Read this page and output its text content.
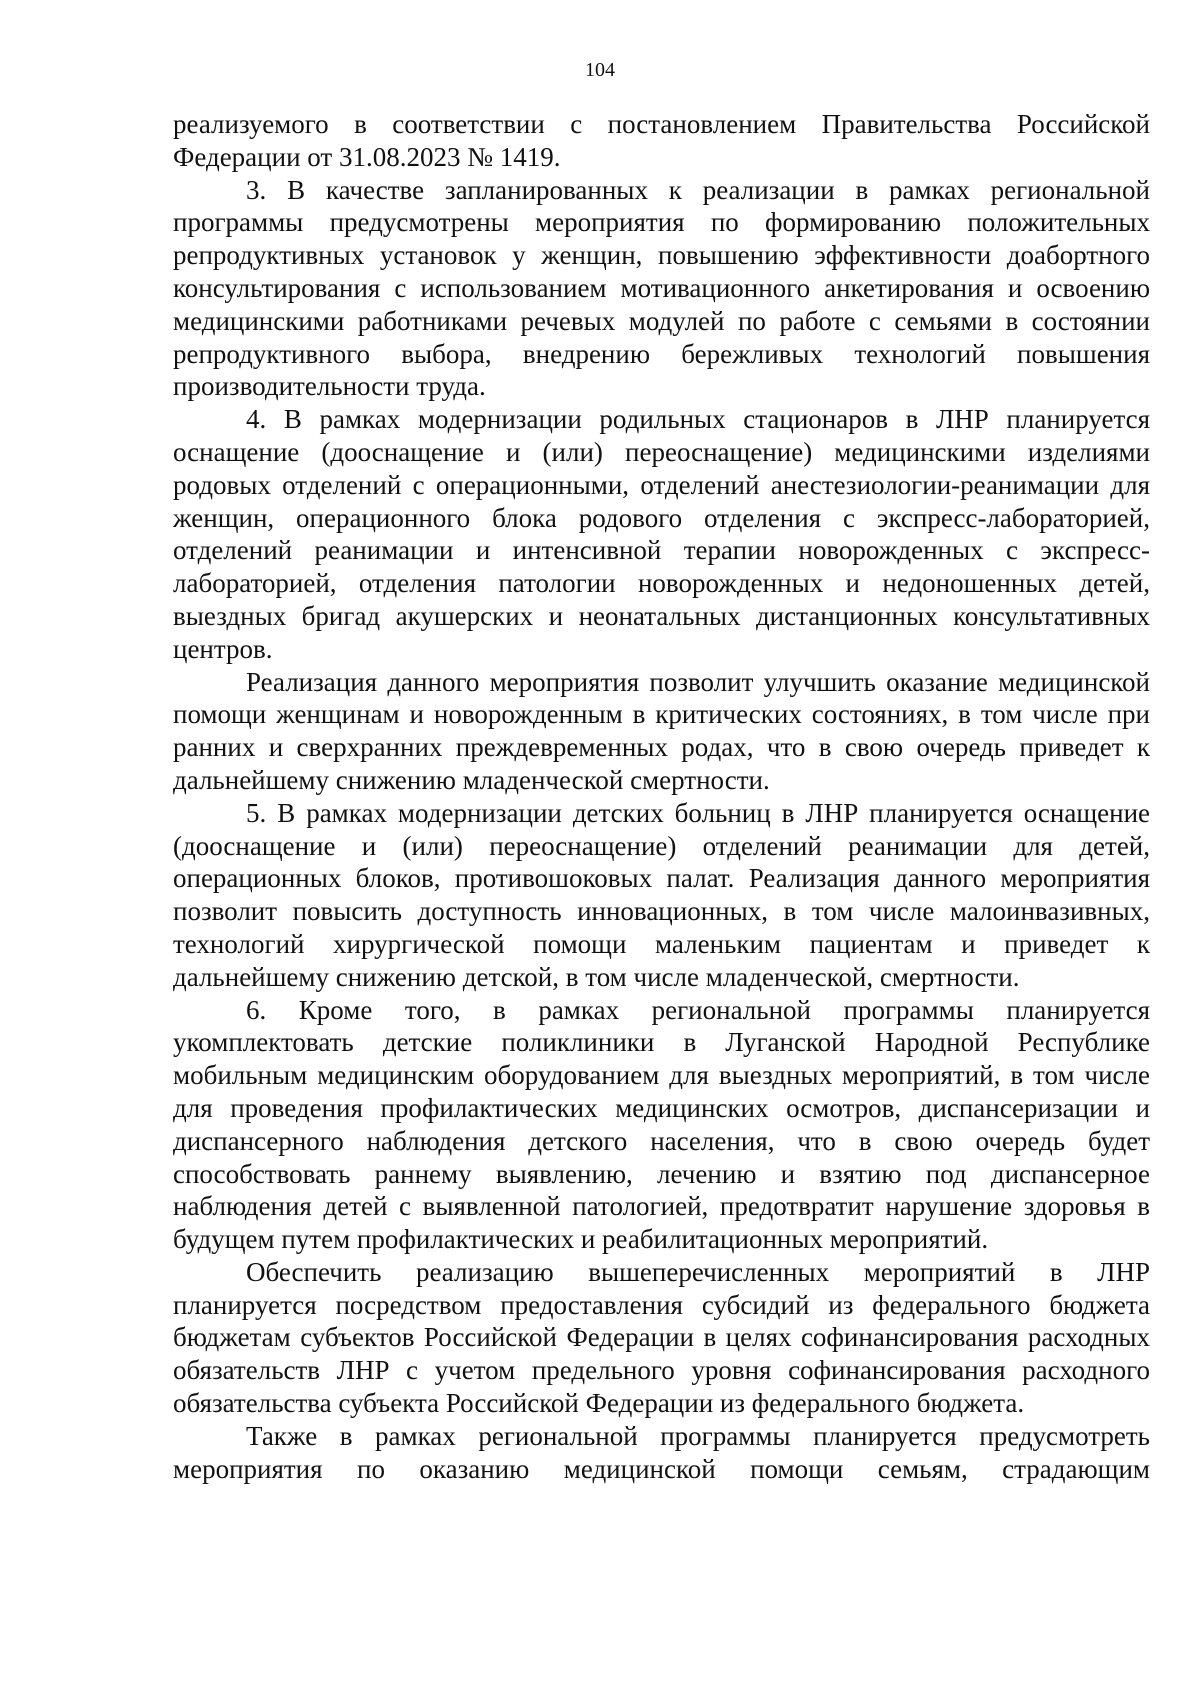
104

реализуемого в соответствии с постановлением Правительства Российской Федерации от 31.08.2023 № 1419.

3. В качестве запланированных к реализации в рамках региональной программы предусмотрены мероприятия по формированию положительных репродуктивных установок у женщин, повышению эффективности доабортного консультирования с использованием мотивационного анкетирования и освоению медицинскими работниками речевых модулей по работе с семьями в состоянии репродуктивного выбора, внедрению бережливых технологий повышения производительности труда.

4. В рамках модернизации родильных стационаров в ЛНР планируется оснащение (дооснащение и (или) переоснащение) медицинскими изделиями родовых отделений с операционными, отделений анестезиологии-реанимации для женщин, операционного блока родового отделения с экспресс-лабораторией, отделений реанимации и интенсивной терапии новорожденных с экспресс-лабораторией, отделения патологии новорожденных и недоношенных детей, выездных бригад акушерских и неонатальных дистанционных консультативных центров.

Реализация данного мероприятия позволит улучшить оказание медицинской помощи женщинам и новорожденным в критических состояниях, в том числе при ранних и сверхранних преждевременных родах, что в свою очередь приведет к дальнейшему снижению младенческой смертности.

5. В рамках модернизации детских больниц в ЛНР планируется оснащение (дооснащение и (или) переоснащение) отделений реанимации для детей, операционных блоков, противошоковых палат. Реализация данного мероприятия позволит повысить доступность инновационных, в том числе малоинвазивных, технологий хирургической помощи маленьким пациентам и приведет к дальнейшему снижению детской, в том числе младенческой, смертности.

6. Кроме того, в рамках региональной программы планируется укомплектовать детские поликлиники в Луганской Народной Республике мобильным медицинским оборудованием для выездных мероприятий, в том числе для проведения профилактических медицинских осмотров, диспансеризации и диспансерного наблюдения детского населения, что в свою очередь будет способствовать раннему выявлению, лечению и взятию под диспансерное наблюдения детей с выявленной патологией, предотвратит нарушение здоровья в будущем путем профилактических и реабилитационных мероприятий.

Обеспечить реализацию вышеперечисленных мероприятий в ЛНР планируется посредством предоставления субсидий из федерального бюджета бюджетам субъектов Российской Федерации в целях софинансирования расходных обязательств ЛНР с учетом предельного уровня софинансирования расходного обязательства субъекта Российской Федерации из федерального бюджета.

Также в рамках региональной программы планируется предусмотреть мероприятия по оказанию медицинской помощи семьям, страдающим
